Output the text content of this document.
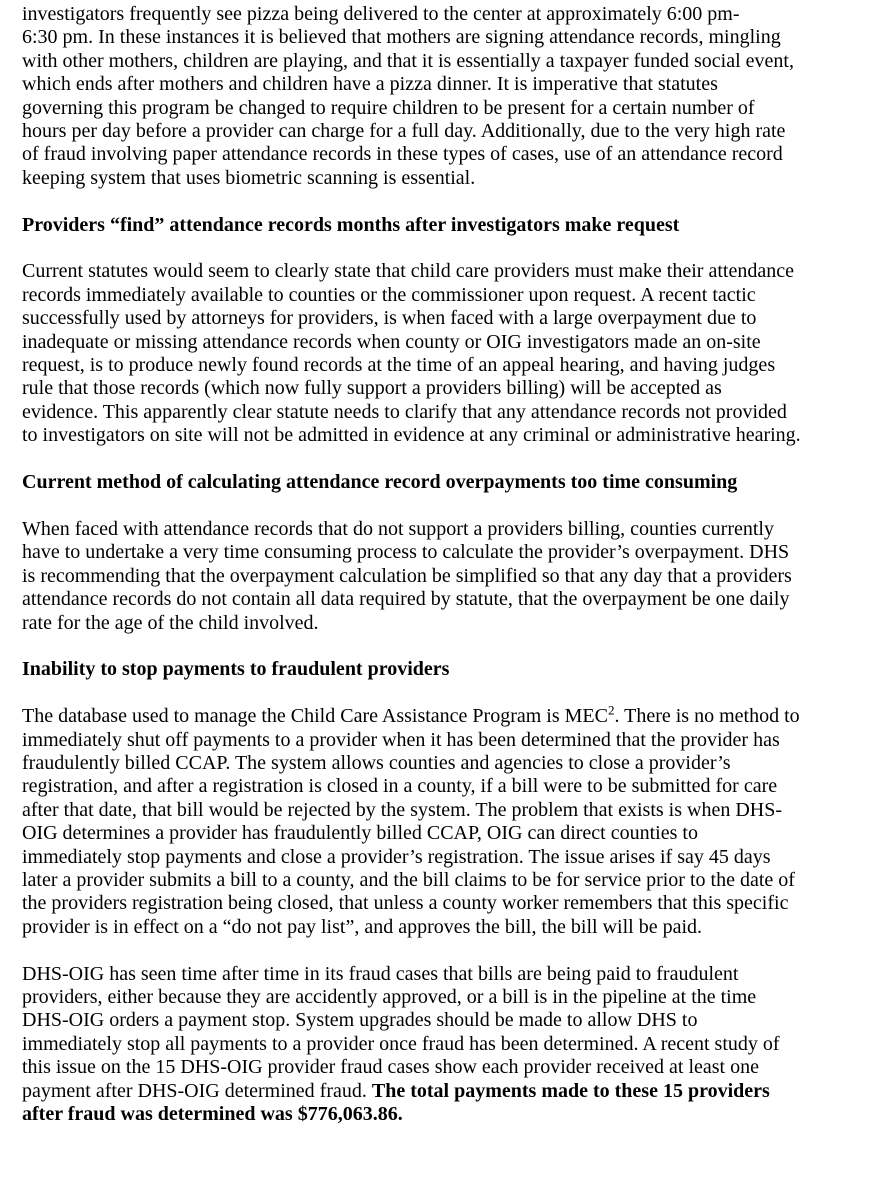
investigators frequently see pizza being delivered to the center at approximately 6:00 pm-
6:30 pm. In these instances it is believed that mothers are signing attendance records, mingling
with other mothers, children are playing, and that it is essentially a taxpayer funded social event,
which ends after mothers and children have a pizza dinner. It is imperative that statutes
governing this program be changed to require children to be present for a certain number of
hours per day before a provider can charge for a full day. Additionally, due to the very high rate
of fraud involving paper attendance records in these types of cases, use of an attendance record
keeping system that uses biometric scanning is essential.
Providers “find” attendance records months after investigators make request
Current statutes would seem to clearly state that child care providers must make their attendance
records immediately available to counties or the commissioner upon request. A recent tactic
successfully used by attorneys for providers, is when faced with a large overpayment due to
inadequate or missing attendance records when county or OIG investigators made an on-site
request, is to produce newly found records at the time of an appeal hearing, and having judges
rule that those records (which now fully support a providers billing) will be accepted as
evidence. This apparently clear statute needs to clarify that any attendance records not provided
to investigators on site will not be admitted in evidence at any criminal or administrative hearing.
Current method of calculating attendance record overpayments too time consuming
When faced with attendance records that do not support a providers billing, counties currently
have to undertake a very time consuming process to calculate the provider’s overpayment. DHS
is recommending that the overpayment calculation be simplified so that any day that a providers
attendance records do not contain all data required by statute, that the overpayment be one daily
rate for the age of the child involved.
Inability to stop payments to fraudulent providers
The database used to manage the Child Care Assistance Program is MEC$^2$. There is no method to
immediately shut off payments to a provider when it has been determined that the provider has
fraudulently billed CCAP. The system allows counties and agencies to close a provider’s
registration, and after a registration is closed in a county, if a bill were to be submitted for care
after that date, that bill would be rejected by the system. The problem that exists is when DHS-
OIG determines a provider has fraudulently billed CCAP, OIG can direct counties to
immediately stop payments and close a provider’s registration. The issue arises if say 45 days
later a provider submits a bill to a county, and the bill claims to be for service prior to the date of
the providers registration being closed, that unless a county worker remembers that this specific
provider is in effect on a “do not pay list”, and approves the bill, the bill will be paid.
DHS-OIG has seen time after time in its fraud cases that bills are being paid to fraudulent
providers, either because they are accidently approved, or a bill is in the pipeline at the time
DHS-OIG orders a payment stop. System upgrades should be made to allow DHS to
immediately stop all payments to a provider once fraud has been determined. A recent study of
this issue on the 15 DHS-OIG provider fraud cases show each provider received at least one
payment after DHS-OIG determined fraud. The total payments made to these 15 providers
after fraud was determined was $776,063.86.
